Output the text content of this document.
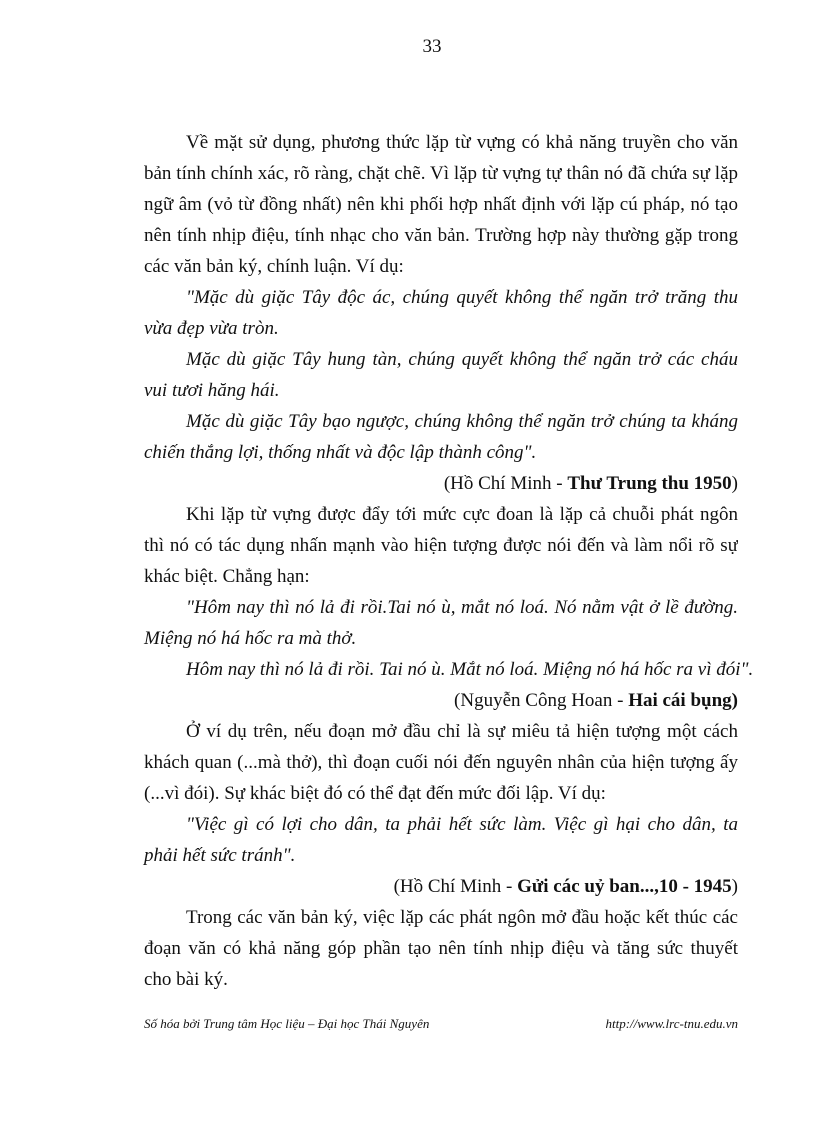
33
Về mặt sử dụng, phương thức lặp từ vựng có khả năng truyền cho văn
bản tính chính xác, rõ ràng, chặt chẽ. Vì lặp từ vựng tự thân nó đã chứa sự lặp
ngữ âm (vỏ từ đồng nhất) nên khi phối hợp nhất định với lặp cú pháp, nó tạo
nên tính nhịp điệu, tính nhạc cho văn bản. Trường hợp này thường gặp trong
các văn bản ký, chính luận. Ví dụ:
"Mặc dù giặc Tây độc ác, chúng quyết không thể ngăn trở trăng thu
vừa đẹp vừa tròn.
Mặc dù giặc Tây hung tàn, chúng quyết không thể ngăn trở các cháu
vui tươi hăng hái.
Mặc dù giặc Tây bạo ngược, chúng không thể ngăn trở chúng ta kháng
chiến thắng lợi, thống nhất và độc lập thành công".
(Hồ Chí Minh - Thư Trung thu 1950)
Khi lặp từ vựng được đẩy tới mức cực đoan là lặp cả chuỗi phát ngôn
thì nó có tác dụng nhấn mạnh vào hiện tượng được nói đến và làm nổi rõ sự
khác biệt. Chẳng hạn:
"Hôm nay thì nó lả đi rồi.Tai nó ù, mắt nó loá. Nó nằm vật ở lề đường.
Miệng nó há hốc ra mà thở.
Hôm nay thì nó lả đi rồi. Tai nó ù. Mắt nó loá. Miệng nó há hốc ra vì đói".
(Nguyễn Công Hoan - Hai cái bụng)
Ở ví dụ trên, nếu đoạn mở đầu chỉ là sự miêu tả hiện tượng một cách
khách quan (...mà thở), thì đoạn cuối nói đến nguyên nhân của hiện tượng ấy
(...vì đói). Sự khác biệt đó có thể đạt đến mức đối lập. Ví dụ:
"Việc gì có lợi cho dân, ta phải hết sức làm. Việc gì hại cho dân, ta
phải hết sức tránh".
(Hồ Chí Minh - Gửi các uỷ ban...,10 - 1945)
Trong các văn bản ký, việc lặp các phát ngôn mở đầu hoặc kết thúc các
đoạn văn có khả năng góp phần tạo nên tính nhịp điệu và tăng sức thuyết
cho bài ký.
Số hóa bởi Trung tâm Học liệu – Đại học Thái Nguyên	http://www.lrc-tnu.edu.vn
